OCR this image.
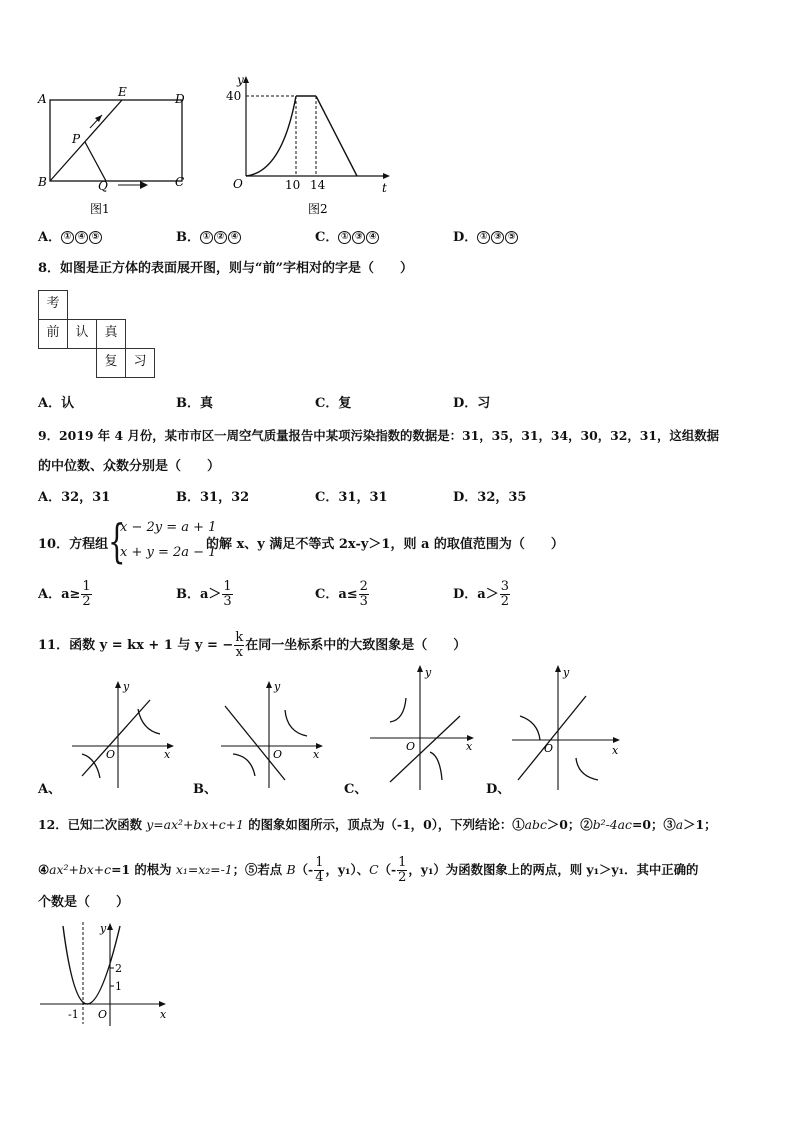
A
B	C
D
E
P
Q
图1
y
t
O
40
10 14
图2
A． ① ④ ⑤	B． ① ② ④	C． ① ③ ④	D． ① ③ ⑤
8．如图是正方体的表面展开图，则与“前”字相对的字是（　　）
考
前	认	真
复	习
A．认	B．真	C．复	D．习
9．2019 年 4 月份，某市市区一周空气质量报告中某项污染指数的数据是：31，35，31，34，30，32，31，这组数据
的中位数、众数分别是（　　）
A．32，31	B．31，32	C．31，31	D．32，35
10．方程组 {
x − 2y = a + 1
x + y = 2a − 1
的解 x、y 满足不等式 2x-y＞1，则 a 的取值范围为（　　）
A．$a\ge \frac{1}{2}$	B．$a> \frac{1}{3}$	C．$a\le \frac{2}{3}$	D．$a> \frac{3}{2}$
11．函数 y = kx + 1 与 y = − $\frac{k}{x}$ 在同一坐标系中的大致图象是（　　）
y
x
O
A、
y
x
O
B、
y
x
O
C、
y
x
O
D、
12．已知二次函数 y=ax²+bx+c+1 的图象如图所示，顶点为（-1，0），下列结论：①abc＞0；②b²-4ac=0；③a＞1；
④ax²+bx+c=1 的根为 x₁=x₂=-1；⑤若点 $B(- \frac{1}{4}$ ，y₁）、$C(- \frac{1}{2}$ ，y₁）为函数图象上的两点，则 y₁＞y₁．其中正确的
个数是（　　）
y
x
O
-1
2
1
